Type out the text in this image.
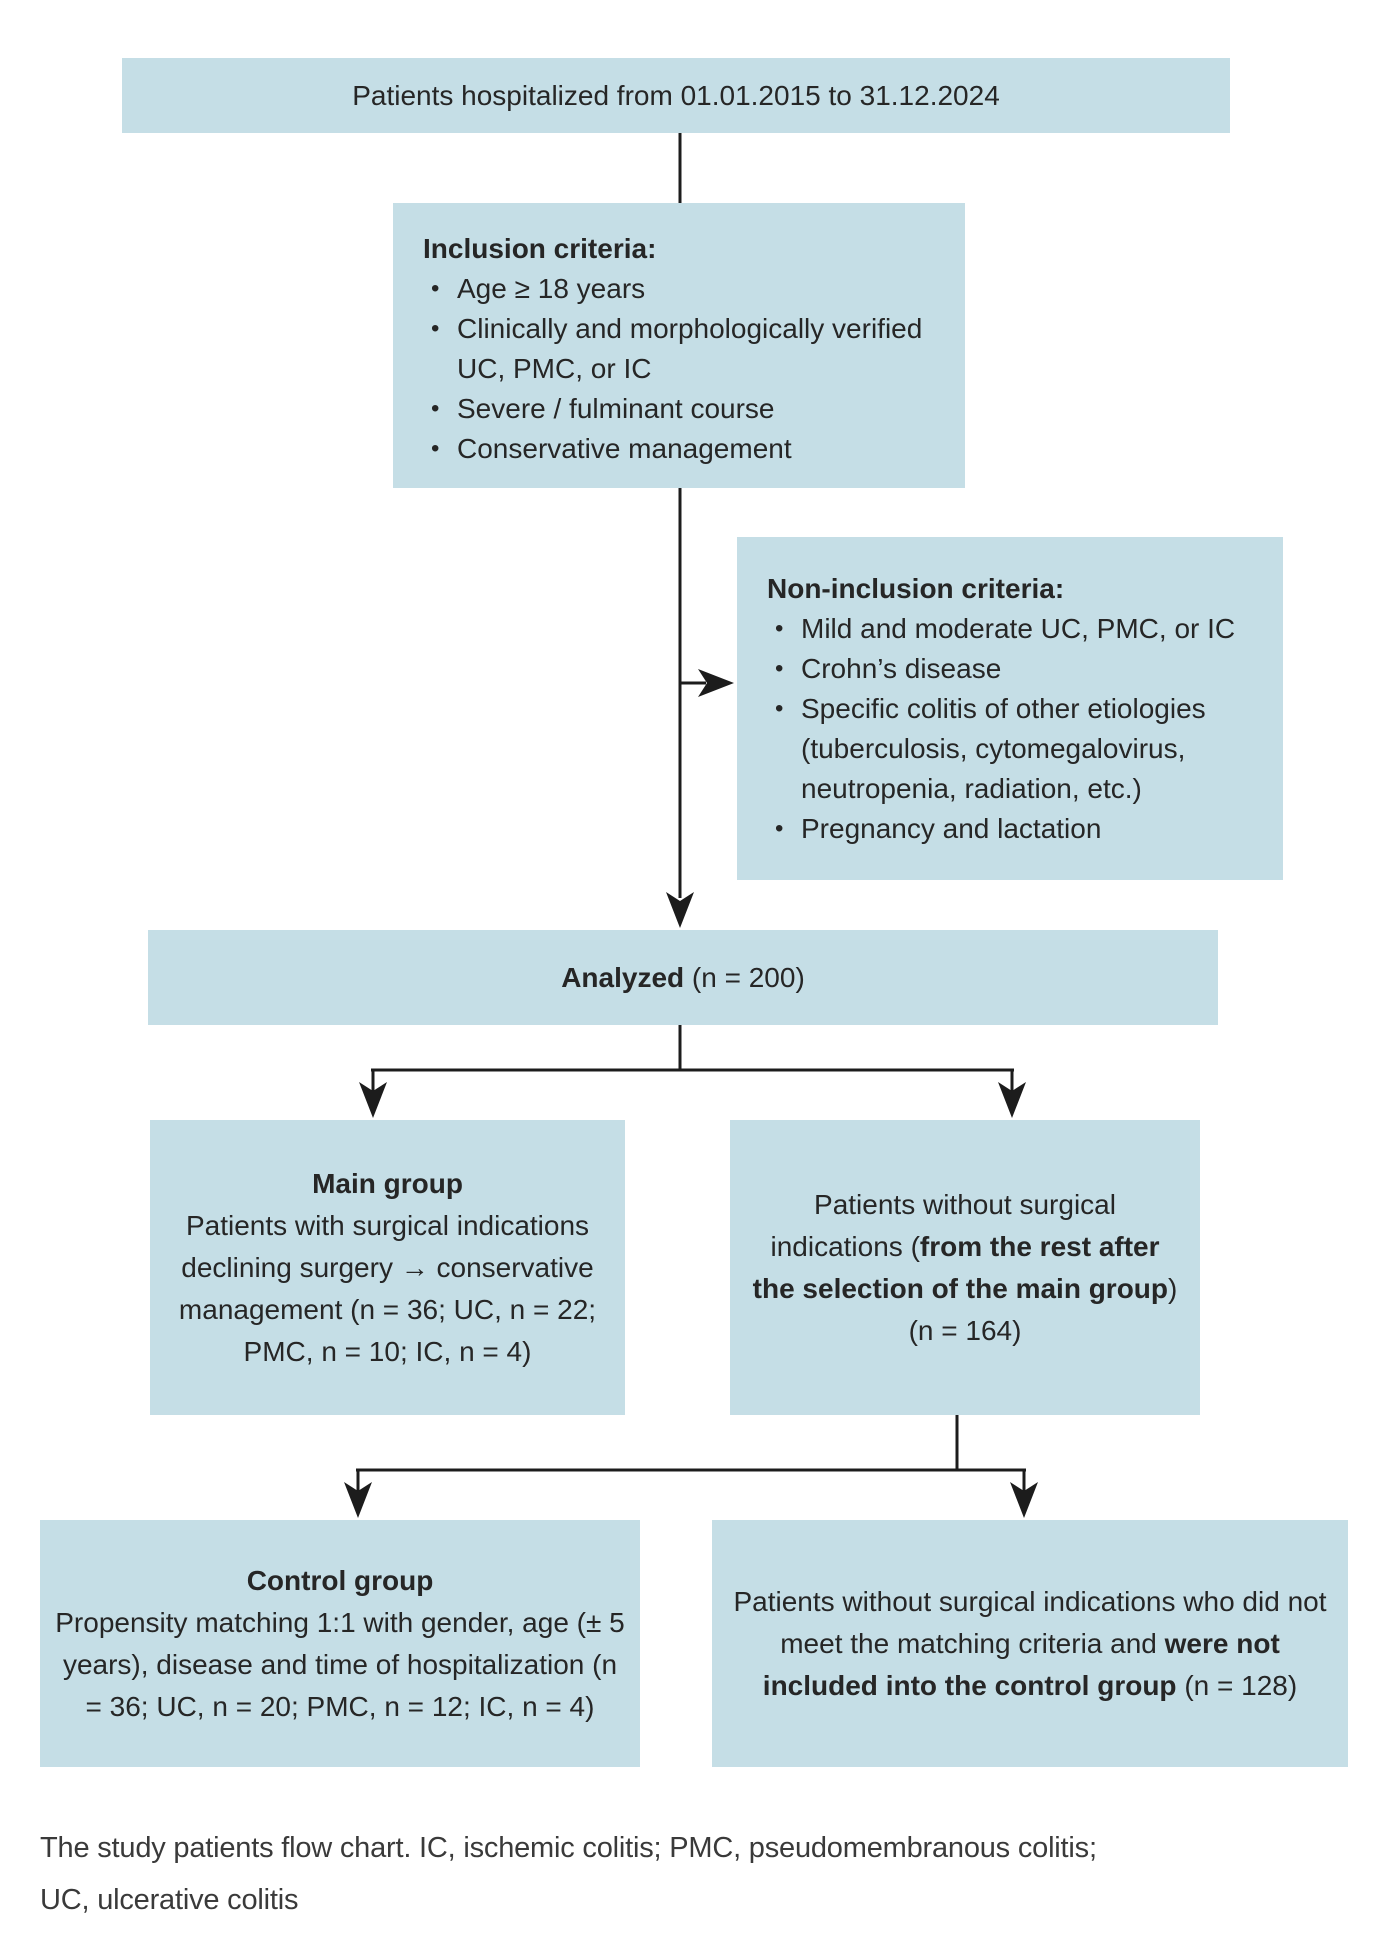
Patients hospitalized from 01.01.2015 to 31.12.2024
Inclusion criteria:
• Age ≥ 18 years
• Clinically and morphologically verified UC, PMC, or IC
• Severe / fulminant course
• Conservative management
Non-inclusion criteria:
• Mild and moderate UC, PMC, or IC
• Crohn’s disease
• Specific colitis of other etiologies (tuberculosis, cytomegalovirus, neutropenia, radiation, etc.)
• Pregnancy and lactation
Analyzed (n = 200)
Main group
Patients with surgical indications declining surgery → conservative management (n = 36; UC, n = 22; PMC, n = 10; IC, n = 4)
Patients without surgical indications (from the rest after the selection of the main group) (n = 164)
Control group
Propensity matching 1:1 with gender, age (± 5 years), disease and time of hospitalization (n = 36; UC, n = 20; PMC, n = 12; IC, n = 4)
Patients without surgical indications who did not meet the matching criteria and were not included into the control group (n = 128)
The study patients flow chart. IC, ischemic colitis; PMC, pseudomembranous colitis;
UC, ulcerative colitis
